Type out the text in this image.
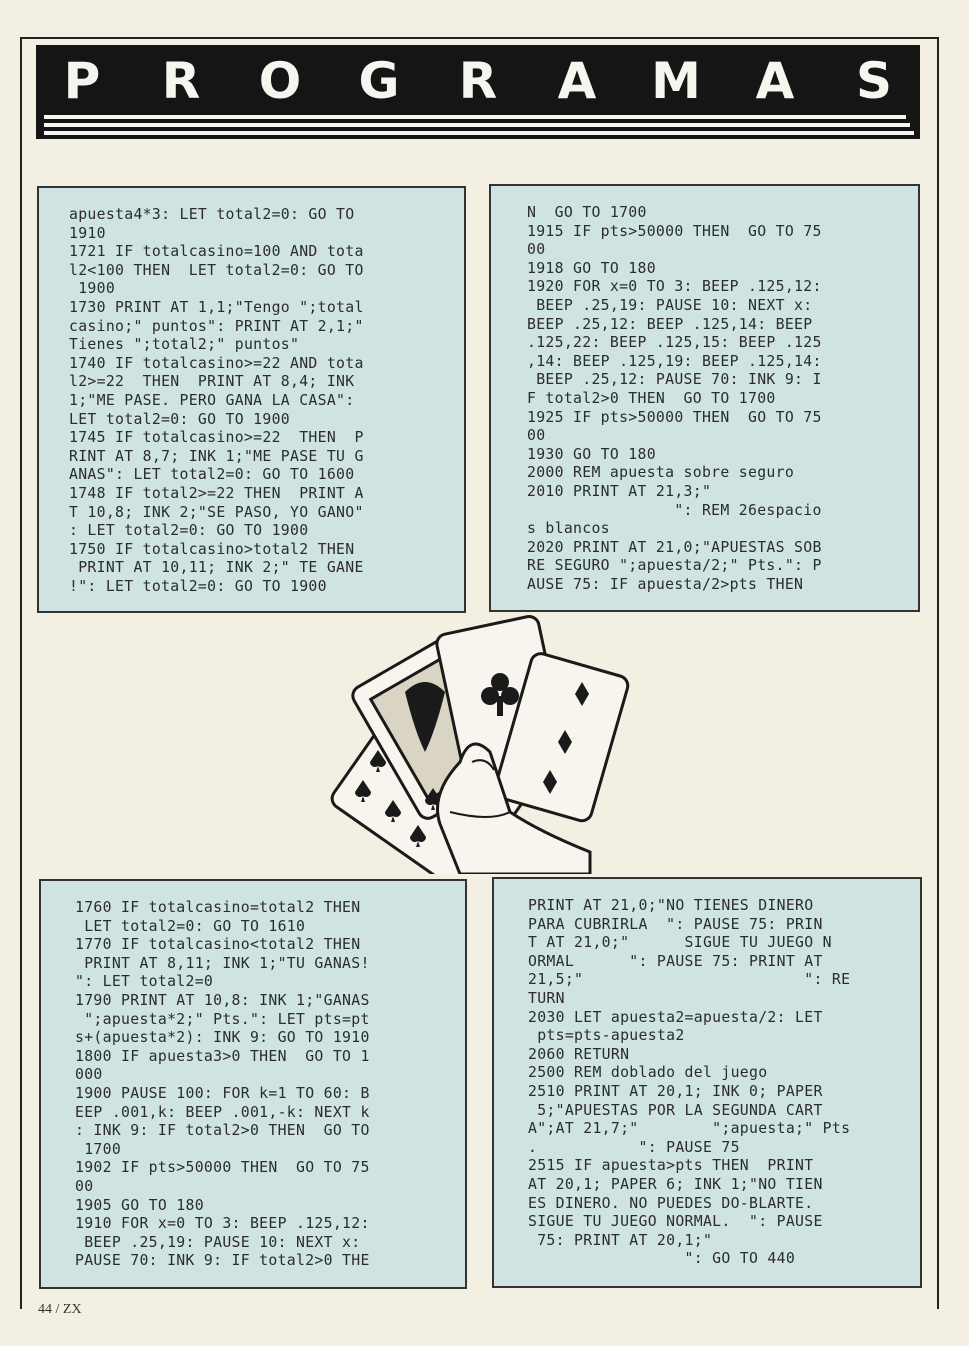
P R O G R A M A S
apuesta4*3: LET total2=0: GO TO
1910
1721 IF totalcasino=100 AND tota
l2<100 THEN  LET total2=0: GO TO
1900
1730 PRINT AT 1,1;"Tengo ";total
casino;" puntos": PRINT AT 2,1;"
Tienes ";total2;" puntos"
1740 IF totalcasino>=22 AND tota
l2>=22  THEN  PRINT AT 8,4; INK
1;"ME PASE. PERO GANA LA CASA":
LET total2=0: GO TO 1900
1745 IF totalcasino>=22  THEN  P
RINT AT 8,7; INK 1;"ME PASE TU G
ANAS": LET total2=0: GO TO 1600
1748 IF total2>=22 THEN  PRINT A
T 10,8; INK 2;"SE PASO, YO GANO"
: LET total2=0: GO TO 1900
1750 IF totalcasino>total2 THEN
PRINT AT 10,11; INK 2;" TE GANE
!": LET total2=0: GO TO 1900
N  GO TO 1700
1915 IF pts>50000 THEN  GO TO 75
00
1918 GO TO 180
1920 FOR x=0 TO 3: BEEP .125,12:
BEEP .25,19: PAUSE 10: NEXT x:
BEEP .25,12: BEEP .125,14: BEEP
.125,22: BEEP .125,15: BEEP .125
,14: BEEP .125,19: BEEP .125,14:
BEEP .25,12: PAUSE 70: INK 9: I
F total2>0 THEN  GO TO 1700
1925 IF pts>50000 THEN  GO TO 75
00
1930 GO TO 180
2000 REM apuesta sobre seguro
2010 PRINT AT 21,3;"
": REM 26espacio
s blancos
2020 PRINT AT 21,0;"APUESTAS SOB
RE SEGURO ";apuesta/2;" Pts.": P
AUSE 75: IF apuesta/2>pts THEN
1760 IF totalcasino=total2 THEN
LET total2=0: GO TO 1610
1770 IF totalcasino<total2 THEN
PRINT AT 8,11; INK 1;"TU GANAS!
": LET total2=0
1790 PRINT AT 10,8: INK 1;"GANAS
";apuesta*2;" Pts.": LET pts=pt
s+(apuesta*2): INK 9: GO TO 1910
1800 IF apuesta3>0 THEN  GO TO 1
000
1900 PAUSE 100: FOR k=1 TO 60: B
EEP .001,k: BEEP .001,-k: NEXT k
: INK 9: IF total2>0 THEN  GO TO
1700
1902 IF pts>50000 THEN  GO TO 75
00
1905 GO TO 180
1910 FOR x=0 TO 3: BEEP .125,12:
BEEP .25,19: PAUSE 10: NEXT x:
PAUSE 70: INK 9: IF total2>0 THE
PRINT AT 21,0;"NO TIENES DINERO
PARA CUBRIRLA  ": PAUSE 75: PRIN
T AT 21,0;"      SIGUE TU JUEGO N
ORMAL      ": PAUSE 75: PRINT AT
21,5;"                        ": RE
TURN
2030 LET apuesta2=apuesta/2: LET
pts=pts-apuesta2
2060 RETURN
2500 REM doblado del juego
2510 PRINT AT 20,1; INK 0; PAPER
5;"APUESTAS POR LA SEGUNDA CART
A";AT 21,7;"        ";apuesta;" Pts
.           ": PAUSE 75
2515 IF apuesta>pts THEN  PRINT
AT 20,1; PAPER 6; INK 1;"NO TIEN
ES DINERO. NO PUEDES DO-BLARTE.
SIGUE TU JUEGO NORMAL.  ": PAUSE
75: PRINT AT 20,1;"
": GO TO 440
44 / ZX
